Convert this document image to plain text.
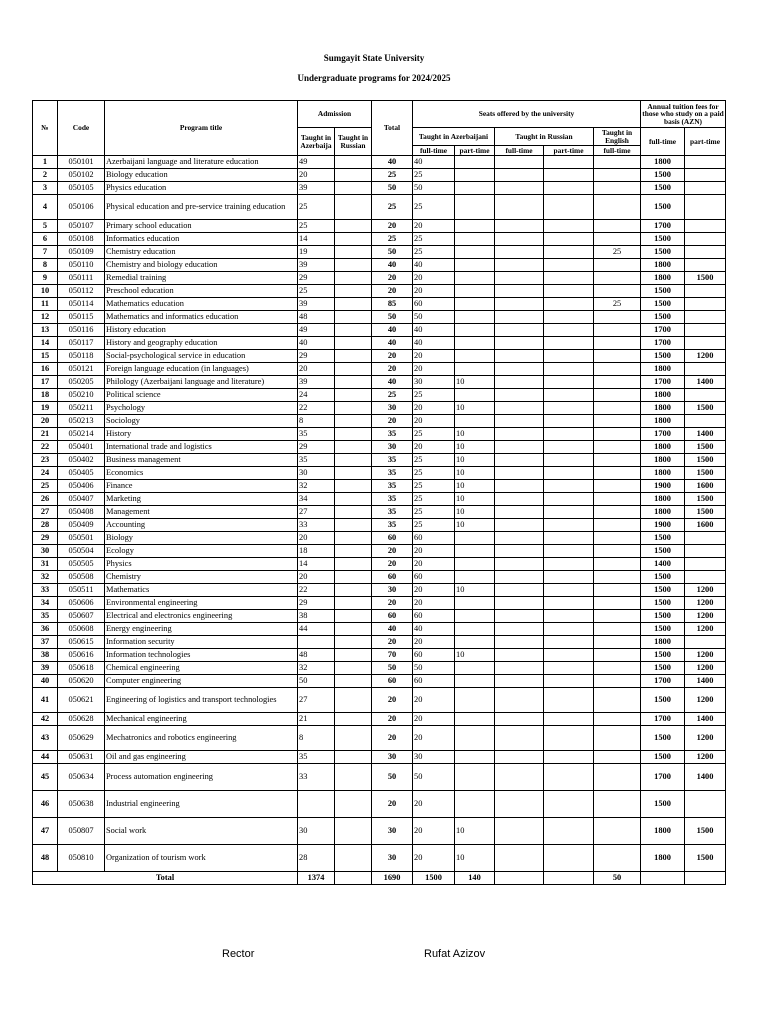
Sumgayit State University
Undergraduate programs for 2024/2025
№	Code	Program title	Admission		Total	Seats offered by the university					Annual tuition fees for those who study on a paid basis (AZN)	
			Taught in Azerbaija	Taught in Russian		Taught in Azerbaijani		Taught in Russian		Taught in English	full-time	part-time
						full-time	part-time	full-time	part-time	full-time		
1	050101	Azerbaijani language and literature education	49		40	40					1800	
2	050102	Biology education	20		25	25					1500	
3	050105	Physics education	39		50	50					1500	
4	050106	Physical education and pre-service training education	25		25	25					1500	
5	050107	Primary school education	25		20	20					1700	
6	050108	Informatics education	14		25	25					1500	
7	050109	Chemistry education	19		50	25				25	1500	
8	050110	Chemistry and biology education	39		40	40					1800	
9	050111	Remedial training	29		20	20					1800	1500
10	050112	Preschool education	25		20	20					1500	
11	050114	Mathematics education	39		85	60				25	1500	
12	050115	Mathematics and informatics education	48		50	50					1500	
13	050116	History education	49		40	40					1700	
14	050117	History and geography education	40		40	40					1700	
15	050118	Social-psychological service in education	29		20	20					1500	1200
16	050121	Foreign language education (in languages)	20		20	20					1800	
17	050205	Philology (Azerbaijani language and literature)	39		40	30	10				1700	1400
18	050210	Political science	24		25	25					1800	
19	050211	Psychology	22		30	20	10				1800	1500
20	050213	Sociology	8		20	20					1800	
21	050214	History	35		35	25	10				1700	1400
22	050401	International trade and logistics	29		30	20	10				1800	1500
23	050402	Business management	35		35	25	10				1800	1500
24	050405	Economics	30		35	25	10				1800	1500
25	050406	Finance	32		35	25	10				1900	1600
26	050407	Marketing	34		35	25	10				1800	1500
27	050408	Management	27		35	25	10				1800	1500
28	050409	Accounting	33		35	25	10				1900	1600
29	050501	Biology	20		60	60					1500	
30	050504	Ecology	18		20	20					1500	
31	050505	Physics	14		20	20					1400	
32	050508	Chemistry	20		60	60					1500	
33	050511	Mathematics	22		30	20	10				1500	1200
34	050606	Environmental engineering	29		20	20					1500	1200
35	050607	Electrical and electronics engineering	38		60	60					1500	1200
36	050608	Energy engineering	44		40	40					1500	1200
37	050615	Information security			20	20					1800	
38	050616	Information technologies	48		70	60	10				1500	1200
39	050618	Chemical engineering	32		50	50					1500	1200
40	050620	Computer engineering	50		60	60					1700	1400
41	050621	Engineering of logistics and transport technologies	27		20	20					1500	1200
42	050628	Mechanical engineering	21		20	20					1700	1400
43	050629	Mechatronics and robotics engineering	8		20	20					1500	1200
44	050631	Oil and gas engineering	35		30	30					1500	1200
45	050634	Process automation engineering	33		50	50					1700	1400
46	050638	Industrial engineering			20	20					1500	
47	050807	Social work	30		30	20	10				1800	1500
48	050810	Organization of tourism work	28		30	20	10				1800	1500
Total			1374		1690	1500	140			50		
Rector	Rufat Azizov
